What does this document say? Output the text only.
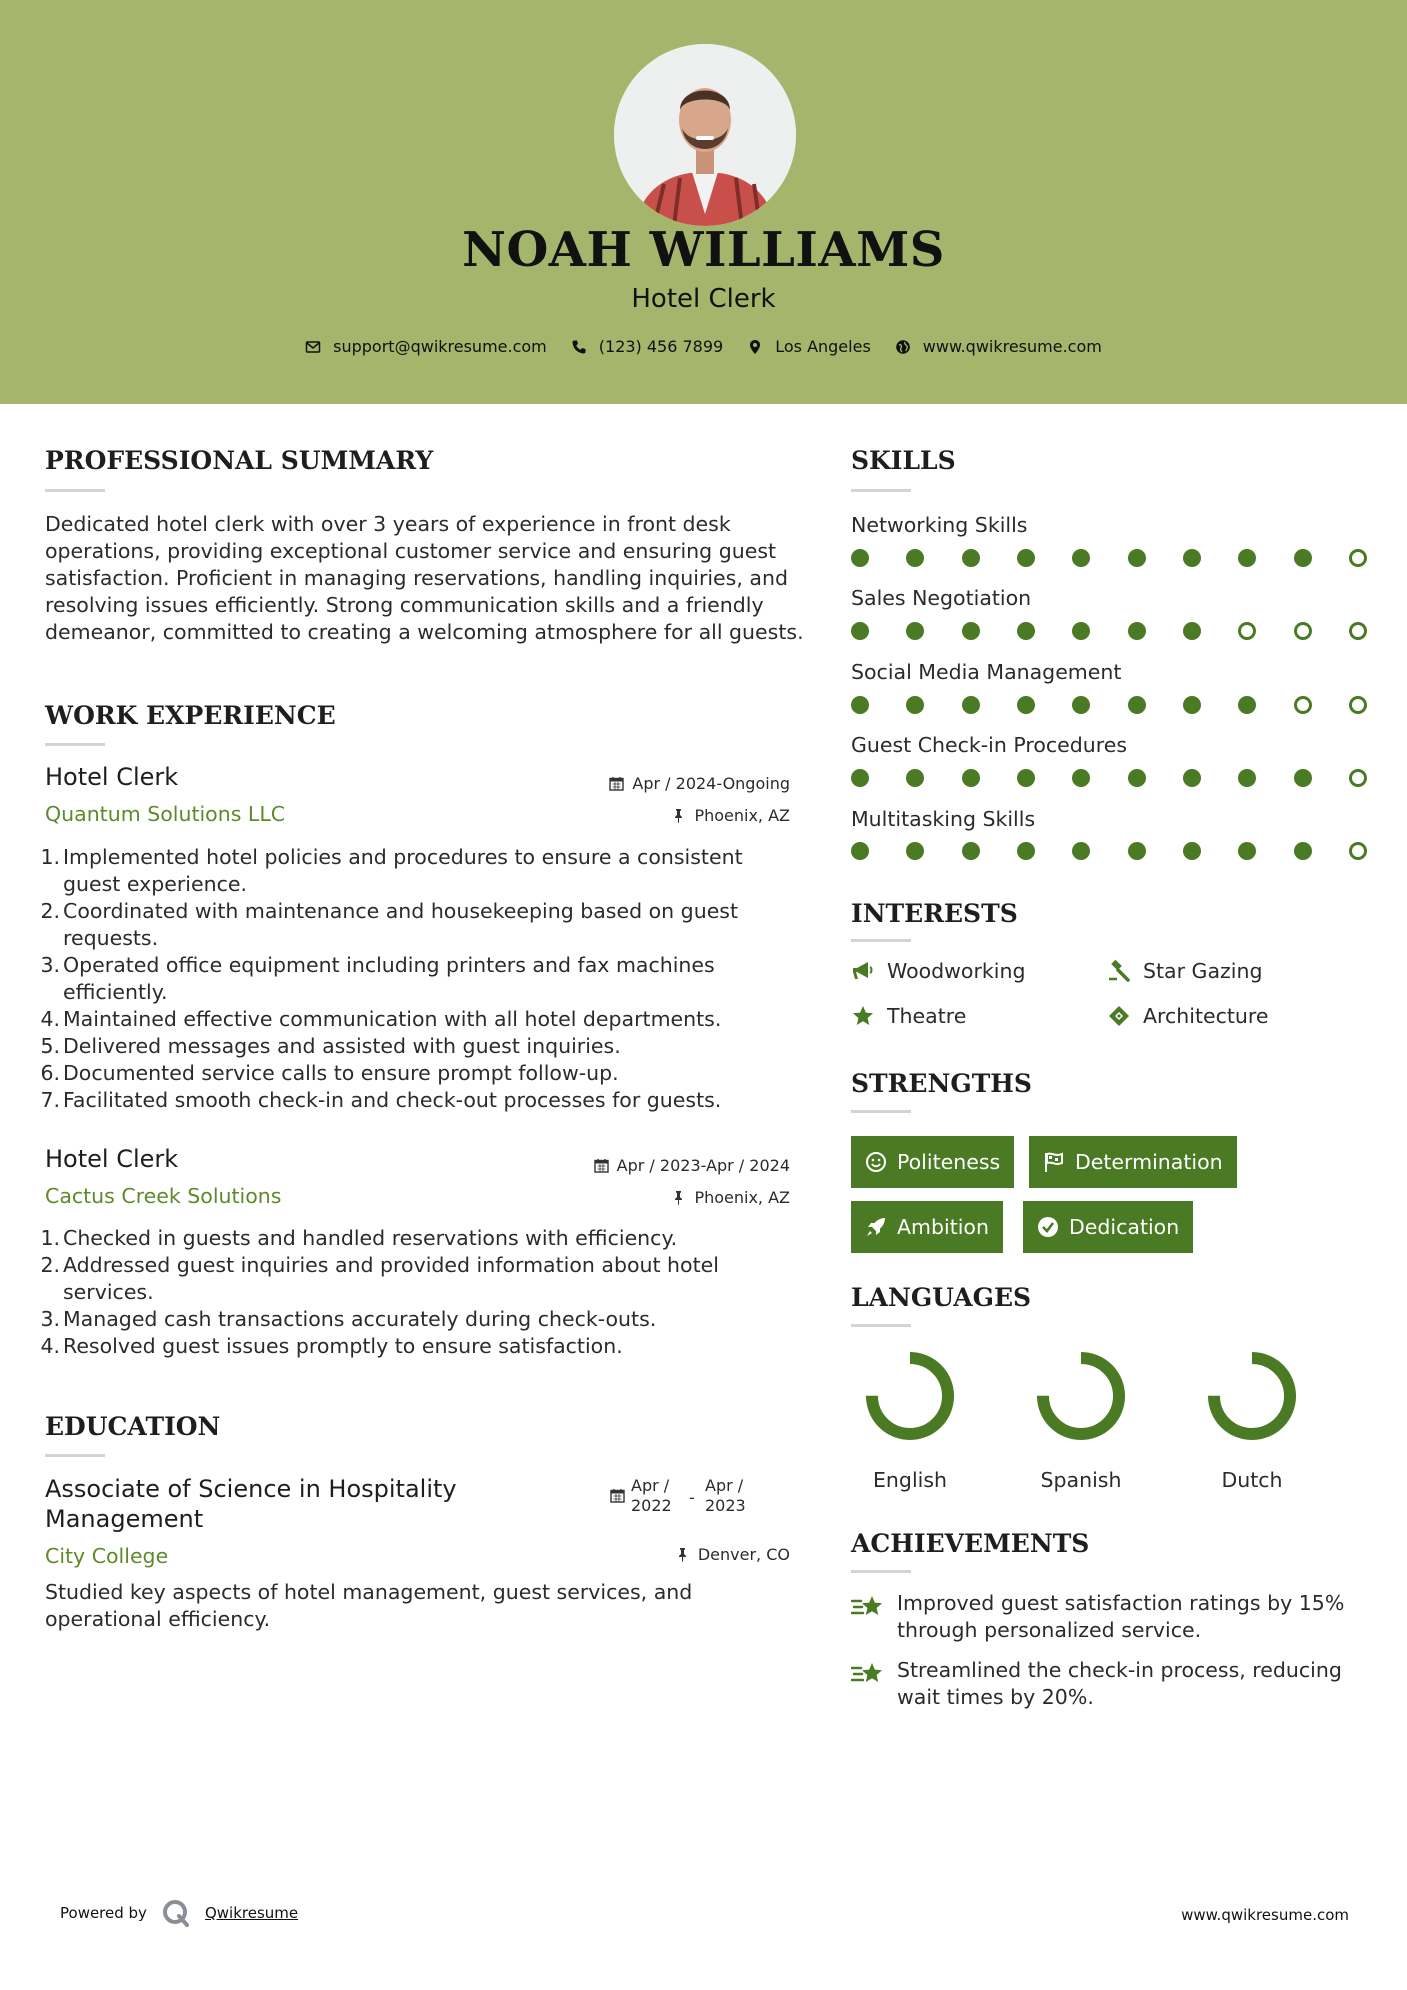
NOAH WILLIAMS
Hotel Clerk
support@qwikresume.com	(123) 456 7899	Los Angeles	www.qwikresume.com
PROFESSIONAL SUMMARY
Dedicated hotel clerk with over 3 years of experience in front desk operations, providing exceptional customer service and ensuring guest satisfaction. Proficient in managing reservations, handling inquiries, and resolving issues efficiently. Strong communication skills and a friendly demeanor, committed to creating a welcoming atmosphere for all guests.
WORK EXPERIENCE
Hotel Clerk	Apr / 2024-Ongoing
Quantum Solutions LLC	Phoenix, AZ
1. Implemented hotel policies and procedures to ensure a consistent guest experience.
2. Coordinated with maintenance and housekeeping based on guest requests.
3. Operated office equipment including printers and fax machines efficiently.
4. Maintained effective communication with all hotel departments.
5. Delivered messages and assisted with guest inquiries.
6. Documented service calls to ensure prompt follow-up.
7. Facilitated smooth check-in and check-out processes for guests.
Hotel Clerk	Apr / 2023-Apr / 2024
Cactus Creek Solutions	Phoenix, AZ
1. Checked in guests and handled reservations with efficiency.
2. Addressed guest inquiries and provided information about hotel services.
3. Managed cash transactions accurately during check-outs.
4. Resolved guest issues promptly to ensure satisfaction.
EDUCATION
Associate of Science in Hospitality Management
Apr /
2022	-
Apr /
2023
City College	Denver, CO
Studied key aspects of hotel management, guest services, and operational efficiency.
SKILLS
Networking Skills
Sales Negotiation
Social Media Management
Guest Check-in Procedures
Multitasking Skills
INTERESTS
Woodworking	Star Gazing
Theatre	Architecture
STRENGTHS
Politeness	Determination
Ambition	Dedication
LANGUAGES
English	Spanish	Dutch
ACHIEVEMENTS
Improved guest satisfaction ratings by 15% through personalized service.
Streamlined the check-in process, reducing wait times by 20%.
Powered by	Qwikresume	www.qwikresume.com
